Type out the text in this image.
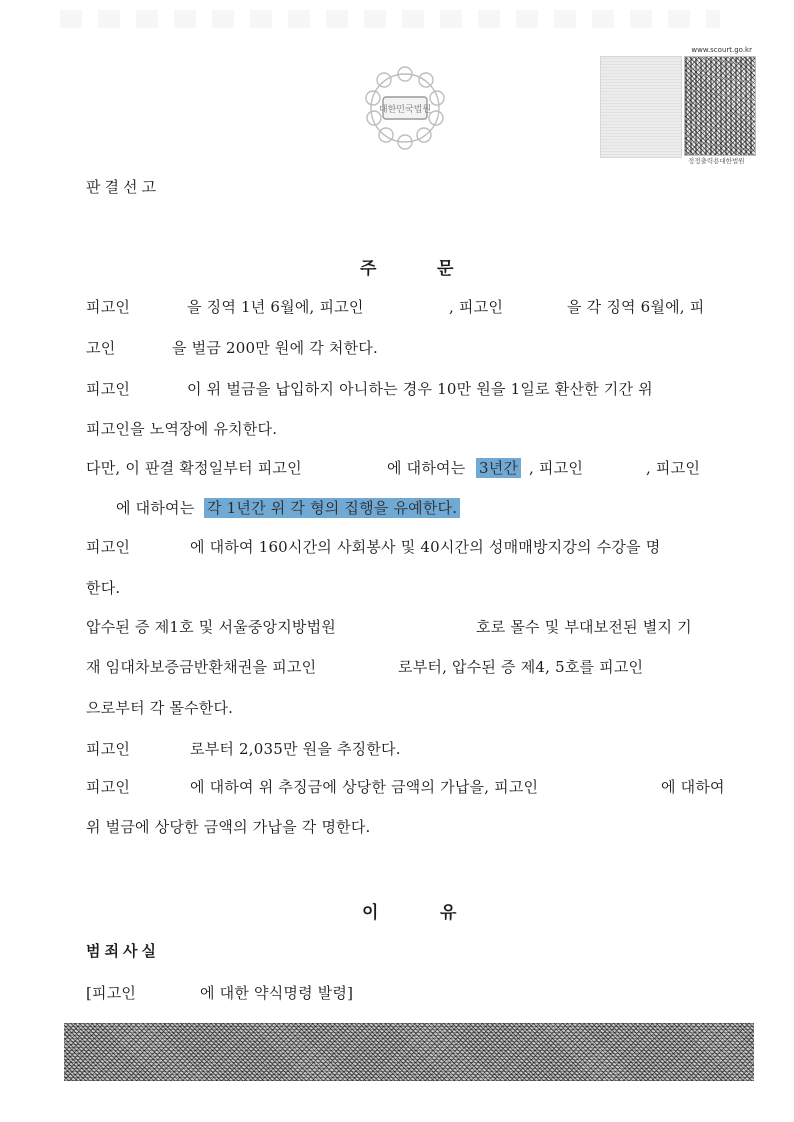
대한민국법원
www.scourt.go.kr
정정출력용대한법원
판결선고
주	문
피고인	을 징역 1년 6월에, 피고인	, 피고인	을 각 징역 6월에, 피
고인	을 벌금 200만 원에 각 처한다.
피고인	이 위 벌금을 납입하지 아니하는 경우 10만 원을 1일로 환산한 기간 위
피고인을 노역장에 유치한다.
다만, 이 판결 확정일부터 피고인	에 대하여는 3년간 , 피고인	, 피고인
에 대하여는 각 1년간 위 각 형의 집행을 유예한다.
피고인	에 대하여 160시간의 사회봉사 및 40시간의 성매매방지강의 수강을 명
한다.
압수된 증 제1호 및 서울중앙지방법원	호로 몰수 및 부대보전된 별지 기
재 임대차보증금반환채권을 피고인	로부터, 압수된 증 제4, 5호를 피고인
으로부터 각 몰수한다.
피고인	로부터 2,035만 원을 추징한다.
피고인	에 대하여 위 추징금에 상당한 금액의 가납을, 피고인	에 대하여
위 벌금에 상당한 금액의 가납을 각 명한다.
이	유
범죄사실
[피고인	에 대한 약식명령 발령]
